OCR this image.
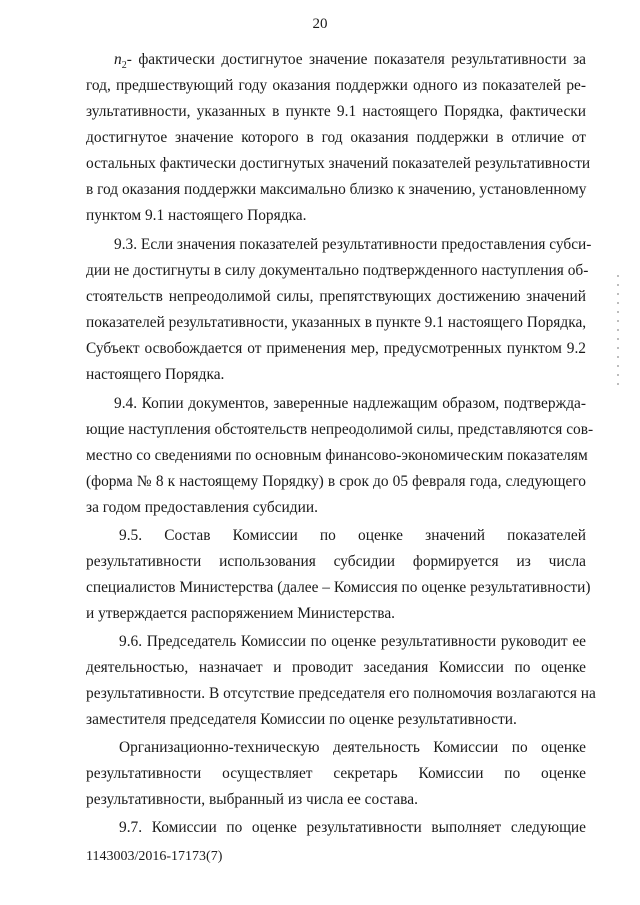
20
$n_2-$ фактически достигнутое значение показателя результативности за
год, предшествующий году оказания поддержки одного из показателей ре-
зультативности, указанных в пункте 9.1 настоящего Порядка, фактически
достигнутое значение которого в год оказания поддержки в отличие от
остальных фактически достигнутых значений показателей результативности
в год оказания поддержки максимально близко к значению, установленному
пунктом 9.1 настоящего Порядка.
9.3. Если значения показателей результативности предоставления субси-
дии не достигнуты в силу документально подтвержденного наступления об-
стоятельств непреодолимой силы, препятствующих достижению значений
показателей результативности, указанных в пункте 9.1 настоящего Порядка,
Субъект освобождается от применения мер, предусмотренных пунктом 9.2
настоящего Порядка.
9.4. Копии документов, заверенные надлежащим образом, подтвержда-
ющие наступления обстоятельств непреодолимой силы, представляются сов-
местно со сведениями по основным финансово-экономическим показателям
(форма № 8 к настоящему Порядку) в срок до 05 февраля года, следующего
за годом предоставления субсидии.
9.5. Состав Комиссии по оценке значений показателей
результативности использования субсидии формируется из числа
специалистов Министерства (далее – Комиссия по оценке результативности)
и утверждается распоряжением Министерства.
9.6. Председатель Комиссии по оценке результативности руководит ее
деятельностью, назначает и проводит заседания Комиссии по оценке
результативности. В отсутствие председателя его полномочия возлагаются на
заместителя председателя Комиссии по оценке результативности.
Организационно-техническую деятельность Комиссии по оценке
результативности осуществляет секретарь Комиссии по оценке
результативности, выбранный из числа ее состава.
9.7. Комиссии по оценке результативности выполняет следующие
1143003/2016-17173(7)
